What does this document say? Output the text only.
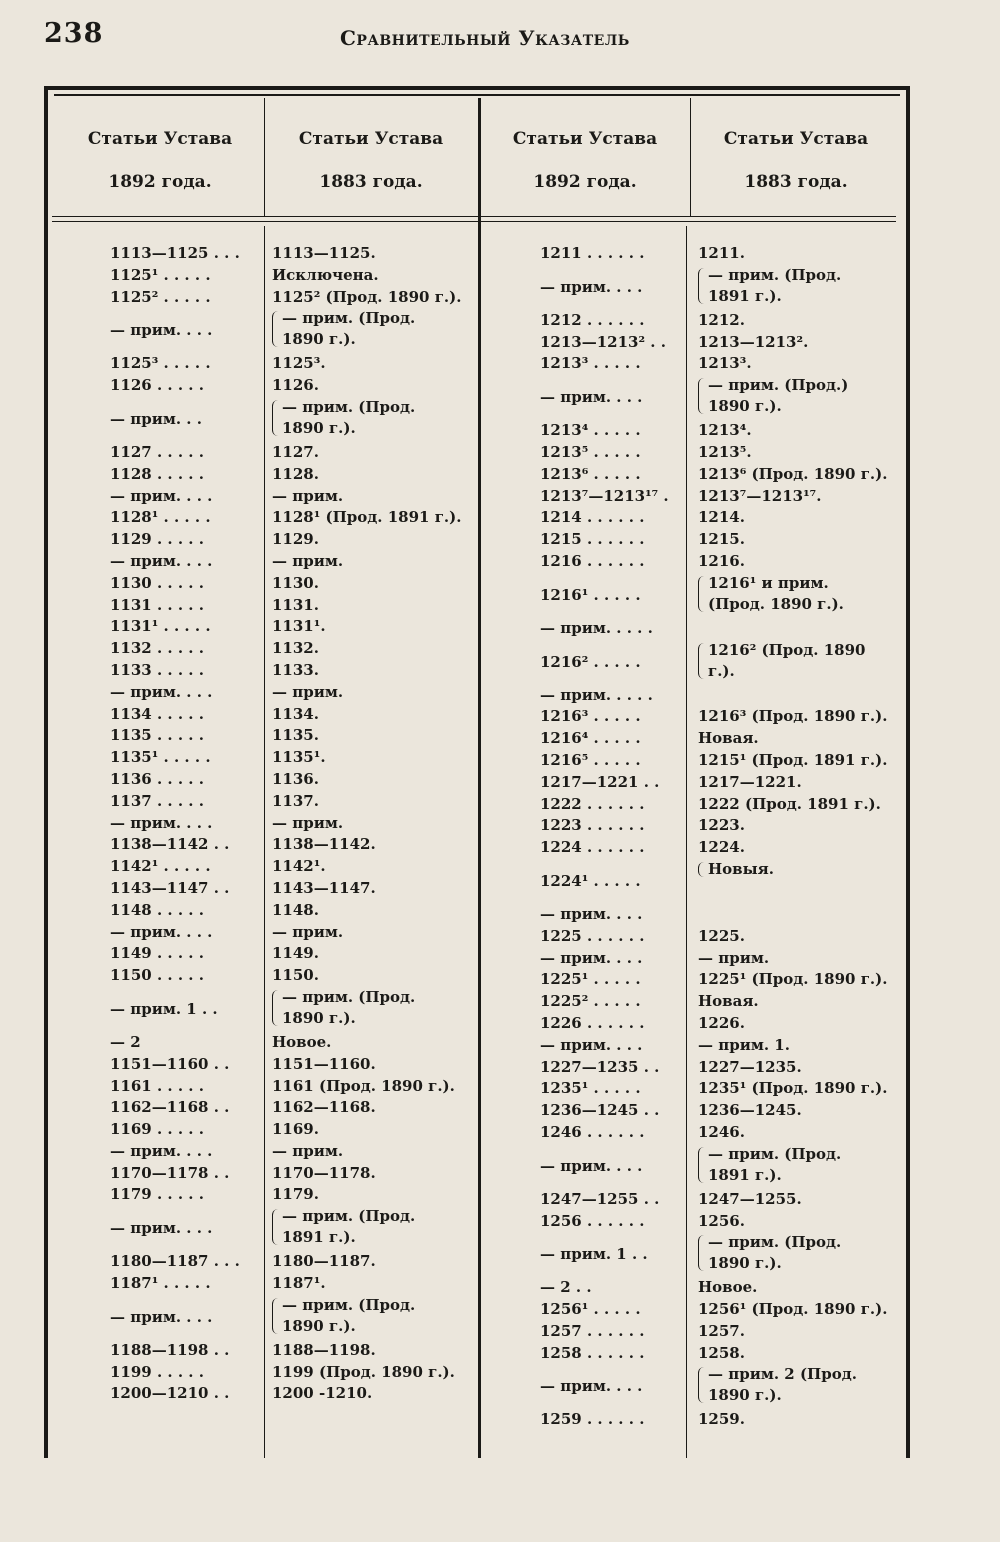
238	Сравнительный Указатель
Статьи Устава
1892 года.
Статьи Устава
1883 года.
Статьи Устава
1892 года.
Статьи Устава
1883 года.
1113—1125 . . .
1125¹ . . . . .
1125² . . . . .
— прим. . . .
1125³ . . . . .
1126 . . . . .
— прим. . .
1127 . . . . .
1128 . . . . .
— прим. . . .
1128¹ . . . . .
1129 . . . . .
— прим. . . .
1130 . . . . .
1131 . . . . .
1131¹ . . . . .
1132 . . . . .
1133 . . . . .
— прим. . . .
1134 . . . . .
1135 . . . . .
1135¹ . . . . .
1136 . . . . .
1137 . . . . .
— прим. . . .
1138—1142 . .
1142¹ . . . . .
1143—1147 . .
1148 . . . . .
— прим. . . .
1149 . . . . .
1150 . . . . .
— прим. 1 . .
— 2
1151—1160 . .
1161 . . . . .
1162—1168 . .
1169 . . . . .
— прим. . . .
1170—1178 . .
1179 . . . . .
— прим. . . .
1180—1187 . . .
1187¹ . . . . .
— прим. . . .
1188—1198 . .
1199 . . . . .
1200—1210 . .
1113—1125.
Исключена.
1125² (Прод. 1890 г.).
— прим. (Прод. 1890 г.).
1125³.
1126.
— прим. (Прод. 1890 г.).
1127.
1128.
— прим.
1128¹ (Прод. 1891 г.).
1129.
— прим.
1130.
1131.
1131¹.
1132.
1133.
— прим.
1134.
1135.
1135¹.
1136.
1137.
— прим.
1138—1142.
1142¹.
1143—1147.
1148.
— прим.
1149.
1150.
— прим. (Прод. 1890 г.).
Новое.
1151—1160.
1161 (Прод. 1890 г.).
1162—1168.
1169.
— прим.
1170—1178.
1179.
— прим. (Прод. 1891 г.).
1180—1187.
1187¹.
— прим. (Прод. 1890 г.).
1188—1198.
1199 (Прод. 1890 г.).
1200 -1210.
1211 . . . . . .
— прим. . . .
1212 . . . . . .
1213—1213² . .
1213³ . . . . .
— прим. . . .
1213⁴ . . . . .
1213⁵ . . . . .
1213⁶ . . . . .
1213⁷—1213¹⁷ .
1214 . . . . . .
1215 . . . . . .
1216 . . . . . .
1216¹ . . . . .
— прим. . . . .
1216² . . . . .
— прим. . . . .
1216³ . . . . .
1216⁴ . . . . .
1216⁵ . . . . .
1217—1221 . .
1222 . . . . . .
1223 . . . . . .
1224 . . . . . .
1224¹ . . . . .
— прим. . . .
1225 . . . . . .
— прим. . . .
1225¹ . . . . .
1225² . . . . .
1226 . . . . . .
— прим. . . .
1227—1235 . .
1235¹ . . . . .
1236—1245 . .
1246 . . . . . .
— прим. . . .
1247—1255 . .
1256 . . . . . .
— прим. 1 . .
— 2 . .
1256¹ . . . . .
1257 . . . . . .
1258 . . . . . .
— прим. . . .
1259 . . . . . .
1211.
— прим. (Прод. 1891 г.).
1212.
1213—1213².
1213³.
— прим. (Прод.) 1890 г.).
1213⁴.
1213⁵.
1213⁶ (Прод. 1890 г.).
1213⁷—1213¹⁷.
1214.
1215.
1216.
1216¹ и прим. (Прод. 1890 г.).
1216² (Прод. 1890 г.).
1216³ (Прод. 1890 г.).
Новая.
1215¹ (Прод. 1891 г.).
1217—1221.
1222 (Прод. 1891 г.).
1223.
1224.
Новыя.
1225.
— прим.
1225¹ (Прод. 1890 г.).
Новая.
1226.
— прим. 1.
1227—1235.
1235¹ (Прод. 1890 г.).
1236—1245.
1246.
— прим. (Прод. 1891 г.).
1247—1255.
1256.
— прим. (Прод. 1890 г.).
Новое.
1256¹ (Прод. 1890 г.).
1257.
1258.
— прим. 2 (Прод. 1890 г.).
1259.
